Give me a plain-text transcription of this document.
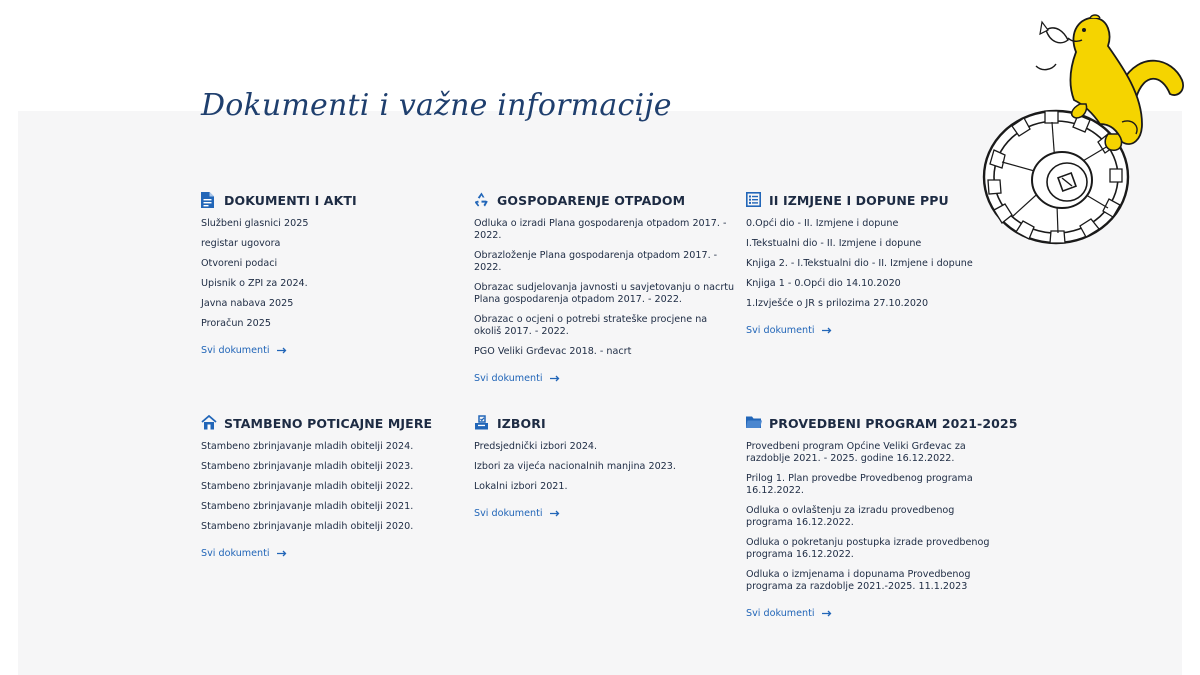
Dokumenti i važne informacije
DOKUMENTI I AKTI
Službeni glasnici 2025
registar ugovora
Otvoreni podaci
Upisnik o ZPI za 2024.
Javna nabava 2025
Proračun 2025
Svi dokumenti
GOSPODARENJE OTPADOM
Odluka o izradi Plana gospodarenja otpadom 2017. - 2022.
Obrazloženje Plana gospodarenja otpadom 2017. - 2022.
Obrazac sudjelovanja javnosti u savjetovanju o nacrtu Plana gospodarenja otpadom 2017. - 2022.
Obrazac o ocjeni o potrebi strateške procjene na okoliš 2017. - 2022.
PGO Veliki Grđevac 2018. - nacrt
Svi dokumenti
II IZMJENE I DOPUNE PPU
0.Opći dio - II. Izmjene i dopune
I.Tekstualni dio - II. Izmjene i dopune
Knjiga 2. - I.Tekstualni dio - II. Izmjene i dopune
Knjiga 1 - 0.Opći dio 14.10.2020
1.Izvješće o JR s prilozima 27.10.2020
Svi dokumenti
STAMBENO POTICAJNE MJERE
Stambeno zbrinjavanje mladih obitelji 2024.
Stambeno zbrinjavanje mladih obitelji 2023.
Stambeno zbrinjavanje mladih obitelji 2022.
Stambeno zbrinjavanje mladih obitelji 2021.
Stambeno zbrinjavanje mladih obitelji 2020.
Svi dokumenti
IZBORI
Predsjednički izbori 2024.
Izbori za vijeća nacionalnih manjina 2023.
Lokalni izbori 2021.
Svi dokumenti
PROVEDBENI PROGRAM 2021-2025
Provedbeni program Općine Veliki Grđevac za razdoblje 2021. - 2025. godine 16.12.2022.
Prilog 1. Plan provedbe Provedbenog programa 16.12.2022.
Odluka o ovlaštenju za izradu provedbenog programa 16.12.2022.
Odluka o pokretanju postupka izrade provedbenog programa 16.12.2022.
Odluka o izmjenama i dopunama Provedbenog programa za razdoblje 2021.-2025. 11.1.2023
Svi dokumenti
